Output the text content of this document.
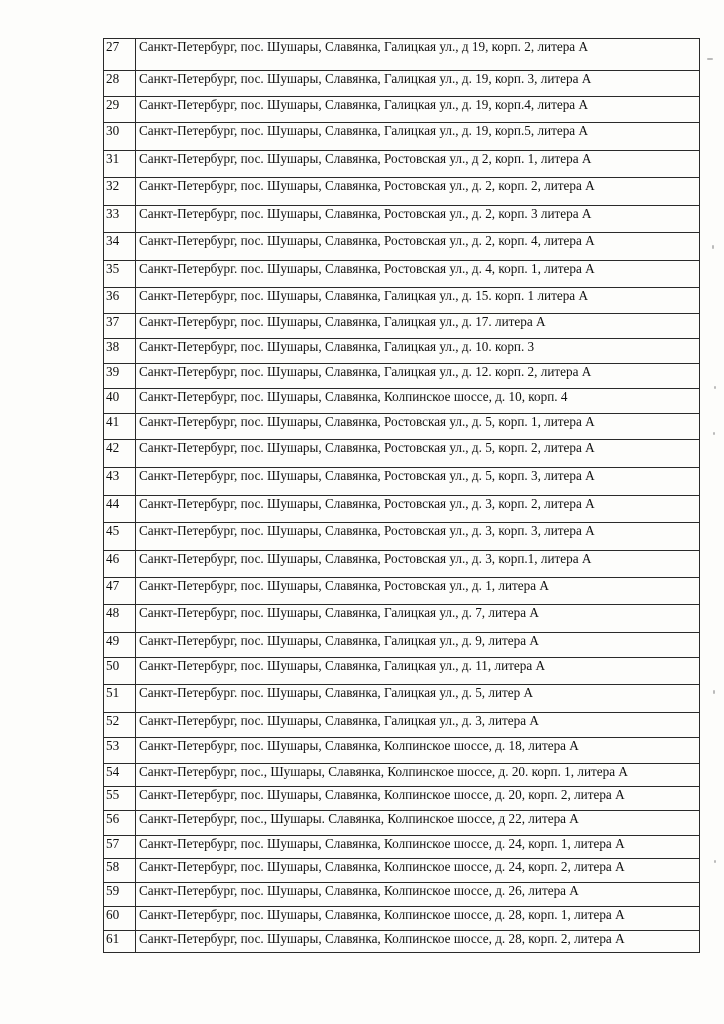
27	Санкт-Петербург, пос. Шушары, Славянка, Галицкая ул., д 19, корп. 2, литера А
28	Санкт-Петербург, пос. Шушары, Славянка, Галицкая ул., д. 19, корп. 3, литера А
29	Санкт-Петербург, пос. Шушары, Славянка, Галицкая ул., д. 19, корп.4, литера А
30	Санкт-Петербург, пос. Шушары, Славянка, Галицкая ул., д. 19, корп.5, литера А
31	Санкт-Петербург, пос. Шушары, Славянка, Ростовская ул., д 2, корп. 1, литера А
32	Санкт-Петербург, пос. Шушары, Славянка, Ростовская ул., д. 2, корп. 2, литера А
33	Санкт-Петербург, пос. Шушары, Славянка, Ростовская ул., д. 2, корп. 3 литера А
34	Санкт-Петербург, пос. Шушары, Славянка, Ростовская ул., д. 2, корп. 4, литера А
35	Санкт-Петербург. пос. Шушары, Славянка, Ростовская ул., д. 4, корп. 1, литера А
36	Санкт-Петербург, пос. Шушары, Славянка, Галицкая ул., д. 15. корп. 1 литера А
37	Санкт-Петербург, пос. Шушары, Славянка, Галицкая ул., д. 17. литера А
38	Санкт-Петербург, пос. Шушары, Славянка, Галицкая ул., д. 10. корп. 3
39	Санкт-Петербург, пос. Шушары, Славянка, Галицкая ул., д. 12. корп. 2, литера А
40	Санкт-Петербург, пос. Шушары, Славянка, Колпинское шоссе, д. 10, корп. 4
41	Санкт-Петербург, пос. Шушары, Славянка, Ростовская ул., д. 5, корп. 1, литера А
42	Санкт-Петербург, пос. Шушары, Славянка, Ростовская ул., д. 5, корп. 2, литера А
43	Санкт-Петербург, пос. Шушары, Славянка, Ростовская ул., д. 5, корп. 3, литера А
44	Санкт-Петербург, пос. Шушары, Славянка, Ростовская ул., д. 3, корп. 2, литера А
45	Санкт-Петербург, пос. Шушары, Славянка, Ростовская ул., д. 3, корп. 3, литера А
46	Санкт-Петербург, пос. Шушары, Славянка, Ростовская ул., д. 3, корп.1, литера А
47	Санкт-Петербург, пос. Шушары, Славянка, Ростовская ул., д. 1, литера А
48	Санкт-Петербург, пос. Шушары, Славянка, Галицкая ул., д. 7, литера А
49	Санкт-Петербург, пос. Шушары, Славянка, Галицкая ул., д. 9, литера А
50	Санкт-Петербург, пос. Шушары, Славянка, Галицкая ул., д. 11, литера А
51	Санкт-Петербург. пос. Шушары, Славянка, Галицкая ул., д. 5, литер А
52	Санкт-Петербург, пос. Шушары, Славянка, Галицкая ул., д. 3, литера А
53	Санкт-Петербург, пос. Шушары, Славянка, Колпинское шоссе, д. 18, литера А
54	Санкт-Петербург, пос., Шушары, Славянка, Колпинское шоссе, д. 20. корп. 1, литера А
55	Санкт-Петербург, пос. Шушары, Славянка, Колпинское шоссе, д. 20, корп. 2, литера А
56	Санкт-Петербург, пос., Шушары. Славянка, Колпинское шоссе, д 22, литера А
57	Санкт-Петербург, пос. Шушары, Славянка, Колпинское шоссе, д. 24, корп. 1, литера А
58	Санкт-Петербург, пос. Шушары, Славянка, Колпинское шоссе, д. 24, корп. 2, литера А
59	Санкт-Петербург, пос. Шушары, Славянка, Колпинское шоссе, д. 26, литера А
60	Санкт-Петербург, пос. Шушары, Славянка, Колпинское шоссе, д. 28, корп. 1, литера А
61	Санкт-Петербург, пос. Шушары, Славянка, Колпинское шоссе, д. 28, корп. 2, литера А
